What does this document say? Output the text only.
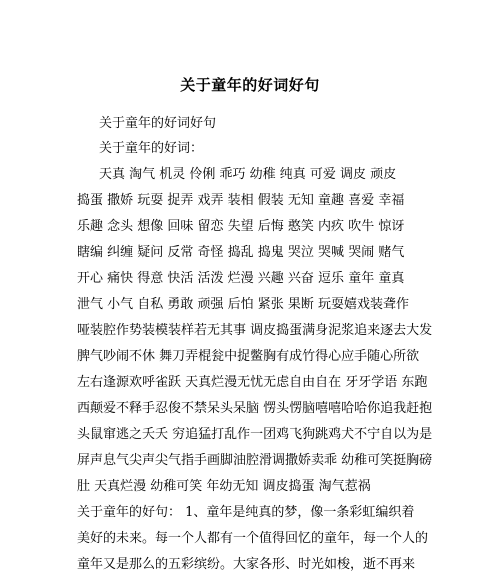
关于童年的好词好句
关于童年的好词好句
关于童年的好词：
天真 淘气 机灵 伶俐 乖巧 幼稚 纯真 可爱 调皮 顽皮
捣蛋 撒娇 玩耍 捉弄 戏弄 装相 假装 无知 童趣 喜爱 幸福
乐趣 念头 想像 回味 留恋 失望 后悔 憨笑 内疚 吹牛 惊讶
瞎编 纠缠 疑问 反常 奇怪 捣乱 捣鬼 哭泣 哭喊 哭闹 赌气
开心 痛快 得意 快活 活泼 烂漫 兴趣 兴奋 逗乐 童年 童真
泄气 小气 自私 勇敢 顽强 后怕 紧张 果断 玩耍嬉戏装聋作
哑装腔作势装模装样若无其事 调皮捣蛋满身泥浆追来逐去大发
脾气吵闹不休 舞刀弄棍瓮中捉鳖胸有成竹得心应手随心所欲
左右逢源欢呼雀跃 天真烂漫无忧无虑自由自在 牙牙学语 东跑
西颠爱不释手忍俊不禁呆头呆脑 愣头愣脑嘻嘻哈哈你追我赶抱
头鼠窜逃之夭夭 穷追猛打乱作一团鸡飞狗跳鸡犬不宁自以为是
屏声息气尖声尖气指手画脚油腔滑调撒娇卖乖 幼稚可笑挺胸磅
肚 天真烂漫 幼稚可笑 年幼无知 调皮捣蛋 淘气惹祸
关于童年的好句： 1、童年是纯真的梦，像一条彩虹编织着
美好的未来。每一个人都有一个值得回忆的童年，每一个人的
童年又是那么的五彩缤纷。大家各形、时光如梭，逝不再来
